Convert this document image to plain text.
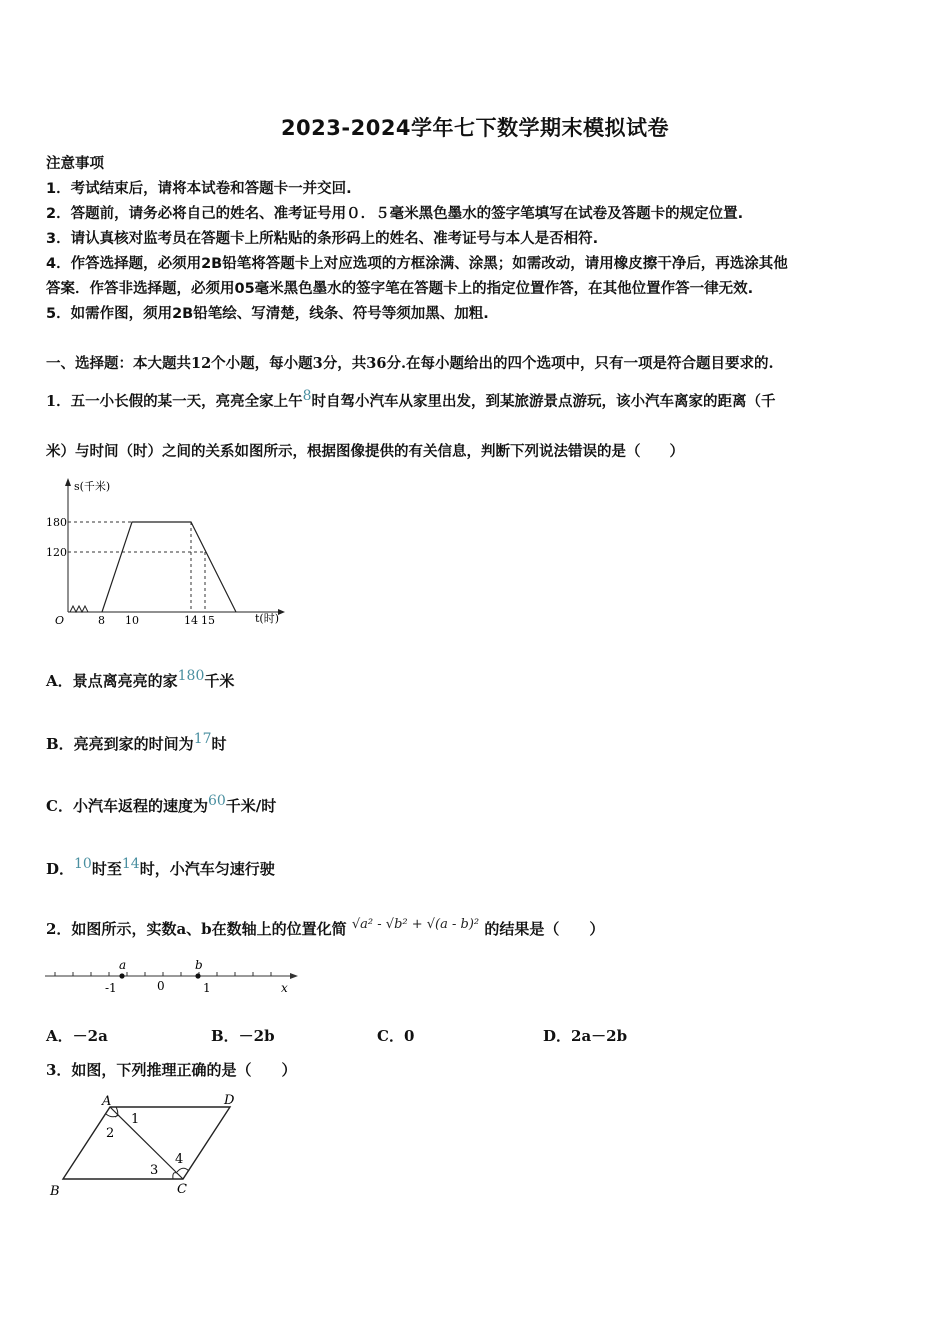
2023-2024学年七下数学期末模拟试卷
注意事项
1．考试结束后，请将本试卷和答题卡一并交回.
2．答题前，请务必将自己的姓名、准考证号用０．５毫米黑色墨水的签字笔填写在试卷及答题卡的规定位置.
3．请认真核对监考员在答题卡上所粘贴的条形码上的姓名、准考证号与本人是否相符.
4．作答选择题，必须用2B铅笔将答题卡上对应选项的方框涂满、涂黑；如需改动，请用橡皮擦干净后，再选涂其他
答案．作答非选择题，必须用05毫米黑色墨水的签字笔在答题卡上的指定位置作答，在其他位置作答一律无效.
5．如需作图，须用2B铅笔绘、写清楚，线条、符号等须加黑、加粗.
一、选择题：本大题共12个小题，每小题3分，共36分.在每小题给出的四个选项中，只有一项是符合题目要求的.
1．五一小长假的某一天，亮亮全家上午8时自驾小汽车从家里出发，到某旅游景点游玩，该小汽车离家的距离（千
米）与时间（时）之间的关系如图所示，根据图像提供的有关信息，判断下列说法错误的是（　　）
s(千米)
180
120
O	8 10	14 15	t(时)
A．景点离亮亮的家180千米
B．亮亮到家的时间为17时
C．小汽车返程的速度为60千米/时
D．10时至14时，小汽车匀速行驶
2．如图所示，实数a、b在数轴上的位置化简 √a² - √b² + √(a - b)² 的结果是（　　）
a	b
-1	0	1	x
A．－2a	B．－2b	C．0	D．2a－2b
3．如图，下列推理正确的是（　　）
A	D
B	C
1
2
3
4
